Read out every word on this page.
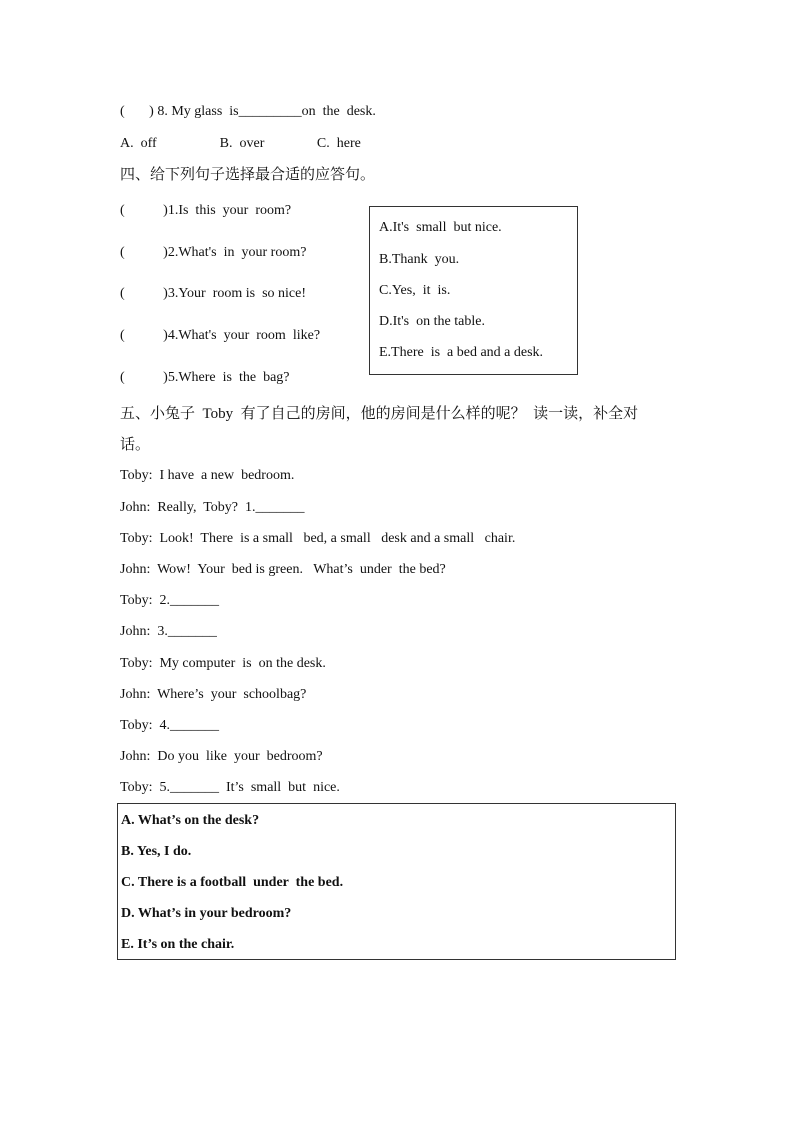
(       ) 8. My glass  is_________on  the  desk.
A.  off                  B.  over               C.  here
四、给下列句子选择最合适的应答句。
(           )1.Is  this  your  room?
(           )2.What's  in  your room?
(           )3.Your  room is  so nice!
(           )4.What's  your  room  like?
(           )5.Where  is  the  bag?
A.It's  small  but nice.
B.Thank  you.
C.Yes,  it  is.
D.It's  on the table.
E.There  is  a bed and a desk.
五、小兔子  Toby  有了自己的房间，他的房间是什么样的呢？  读一读，补全对
话。
Toby:  I have  a new  bedroom.
John:  Really,  Toby?  1._______
Toby:  Look!  There  is a small   bed, a small   desk and a small   chair.
John:  Wow!  Your  bed is green.   What’s  under  the bed?
Toby:  2._______
John:  3._______
Toby:  My computer  is  on the desk.
John:  Where’s  your  schoolbag?
Toby:  4._______
John:  Do you  like  your  bedroom?
Toby:  5._______  It’s  small  but  nice.
A. What’s on the desk?
B. Yes, I do.
C. There is a football  under  the bed.
D. What’s in your bedroom?
E. It’s on the chair.
